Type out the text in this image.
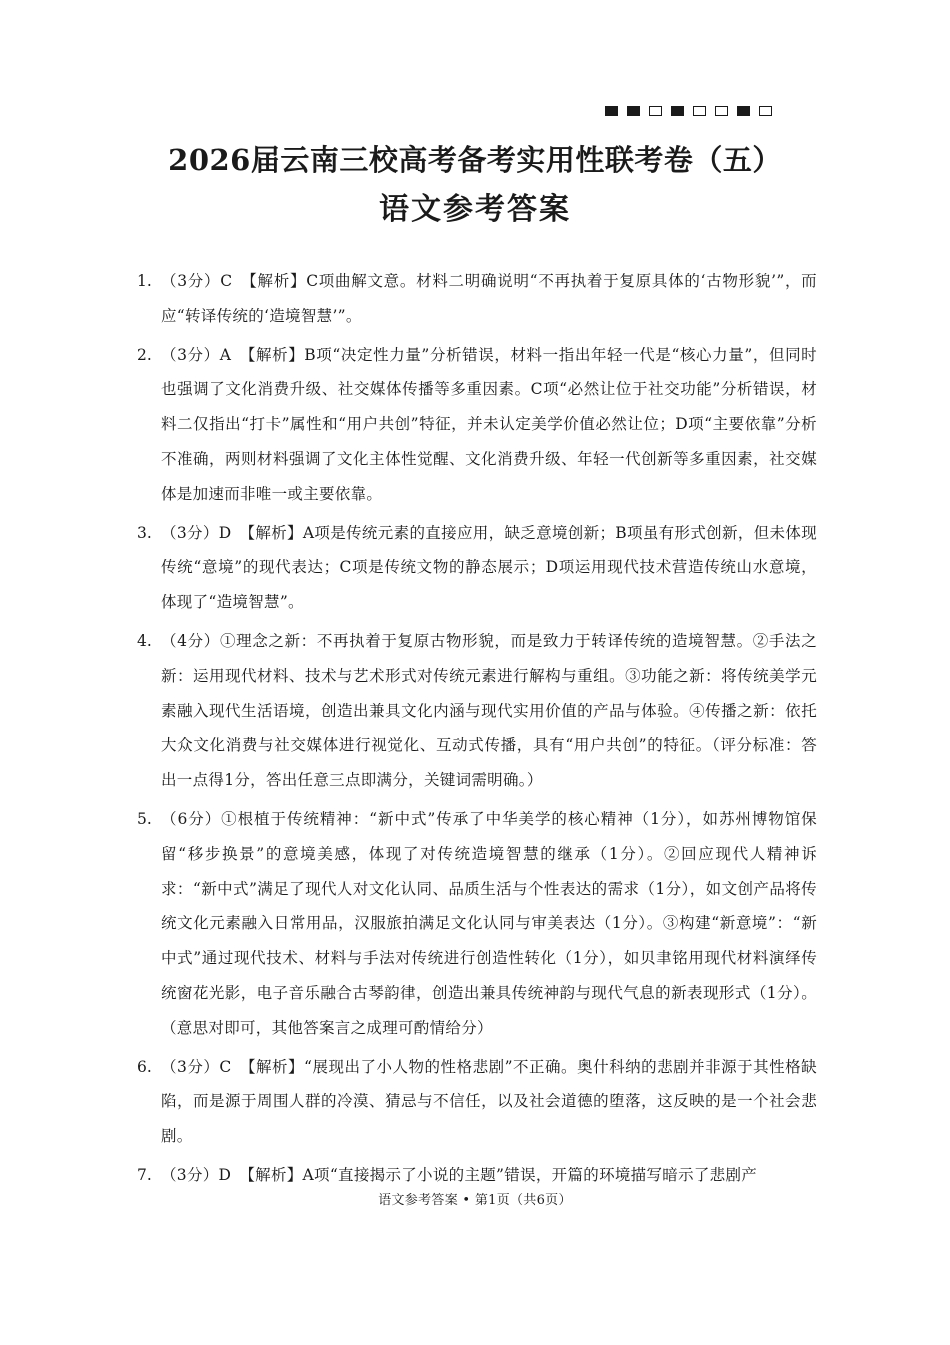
2026届云南三校高考备考实用性联考卷（五）
语文参考答案
1. （3分）C　【解析】C项曲解文意。材料二明确说明“不再执着于复原具体的‘古物形貌’”，而应“转译传统的‘造境智慧’”。
2. （3分）A　【解析】B项“决定性力量”分析错误，材料一指出年轻一代是“核心力量”，但同时也强调了文化消费升级、社交媒体传播等多重因素。C项“必然让位于社交功能”分析错误，材料二仅指出“打卡”属性和“用户共创”特征，并未认定美学价值必然让位；D项“主要依靠”分析不准确，两则材料强调了文化主体性觉醒、文化消费升级、年轻一代创新等多重因素，社交媒体是加速而非唯一或主要依靠。
3. （3分）D　【解析】A项是传统元素的直接应用，缺乏意境创新；B项虽有形式创新，但未体现传统“意境”的现代表达；C项是传统文物的静态展示；D项运用现代技术营造传统山水意境，体现了“造境智慧”。
4. （4分）①理念之新：不再执着于复原古物形貌，而是致力于转译传统的造境智慧。②手法之新：运用现代材料、技术与艺术形式对传统元素进行解构与重组。③功能之新：将传统美学元素融入现代生活语境，创造出兼具文化内涵与现代实用价值的产品与体验。④传播之新：依托大众文化消费与社交媒体进行视觉化、互动式传播，具有“用户共创”的特征。（评分标准：答出一点得1分，答出任意三点即满分，关键词需明确。）
5. （6分）①根植于传统精神：“新中式”传承了中华美学的核心精神（1分），如苏州博物馆保留“移步换景”的意境美感，体现了对传统造境智慧的继承（1分）。②回应现代人精神诉求：“新中式”满足了现代人对文化认同、品质生活与个性表达的需求（1分），如文创产品将传统文化元素融入日常用品，汉服旅拍满足文化认同与审美表达（1分）。③构建“新意境”：“新中式”通过现代技术、材料与手法对传统进行创造性转化（1分），如贝聿铭用现代材料演绎传统窗花光影，电子音乐融合古琴韵律，创造出兼具传统神韵与现代气息的新表现形式（1分）。（意思对即可，其他答案言之成理可酌情给分）
6. （3分）C　【解析】“展现出了小人物的性格悲剧”不正确。奥什科纳的悲剧并非源于其性格缺陷，而是源于周围人群的冷漠、猜忌与不信任，以及社会道德的堕落，这反映的是一个社会悲剧。
7. （3分）D　【解析】A项“直接揭示了小说的主题”错误，开篇的环境描写暗示了悲剧产
语文参考答案 • 第1页（共6页）
